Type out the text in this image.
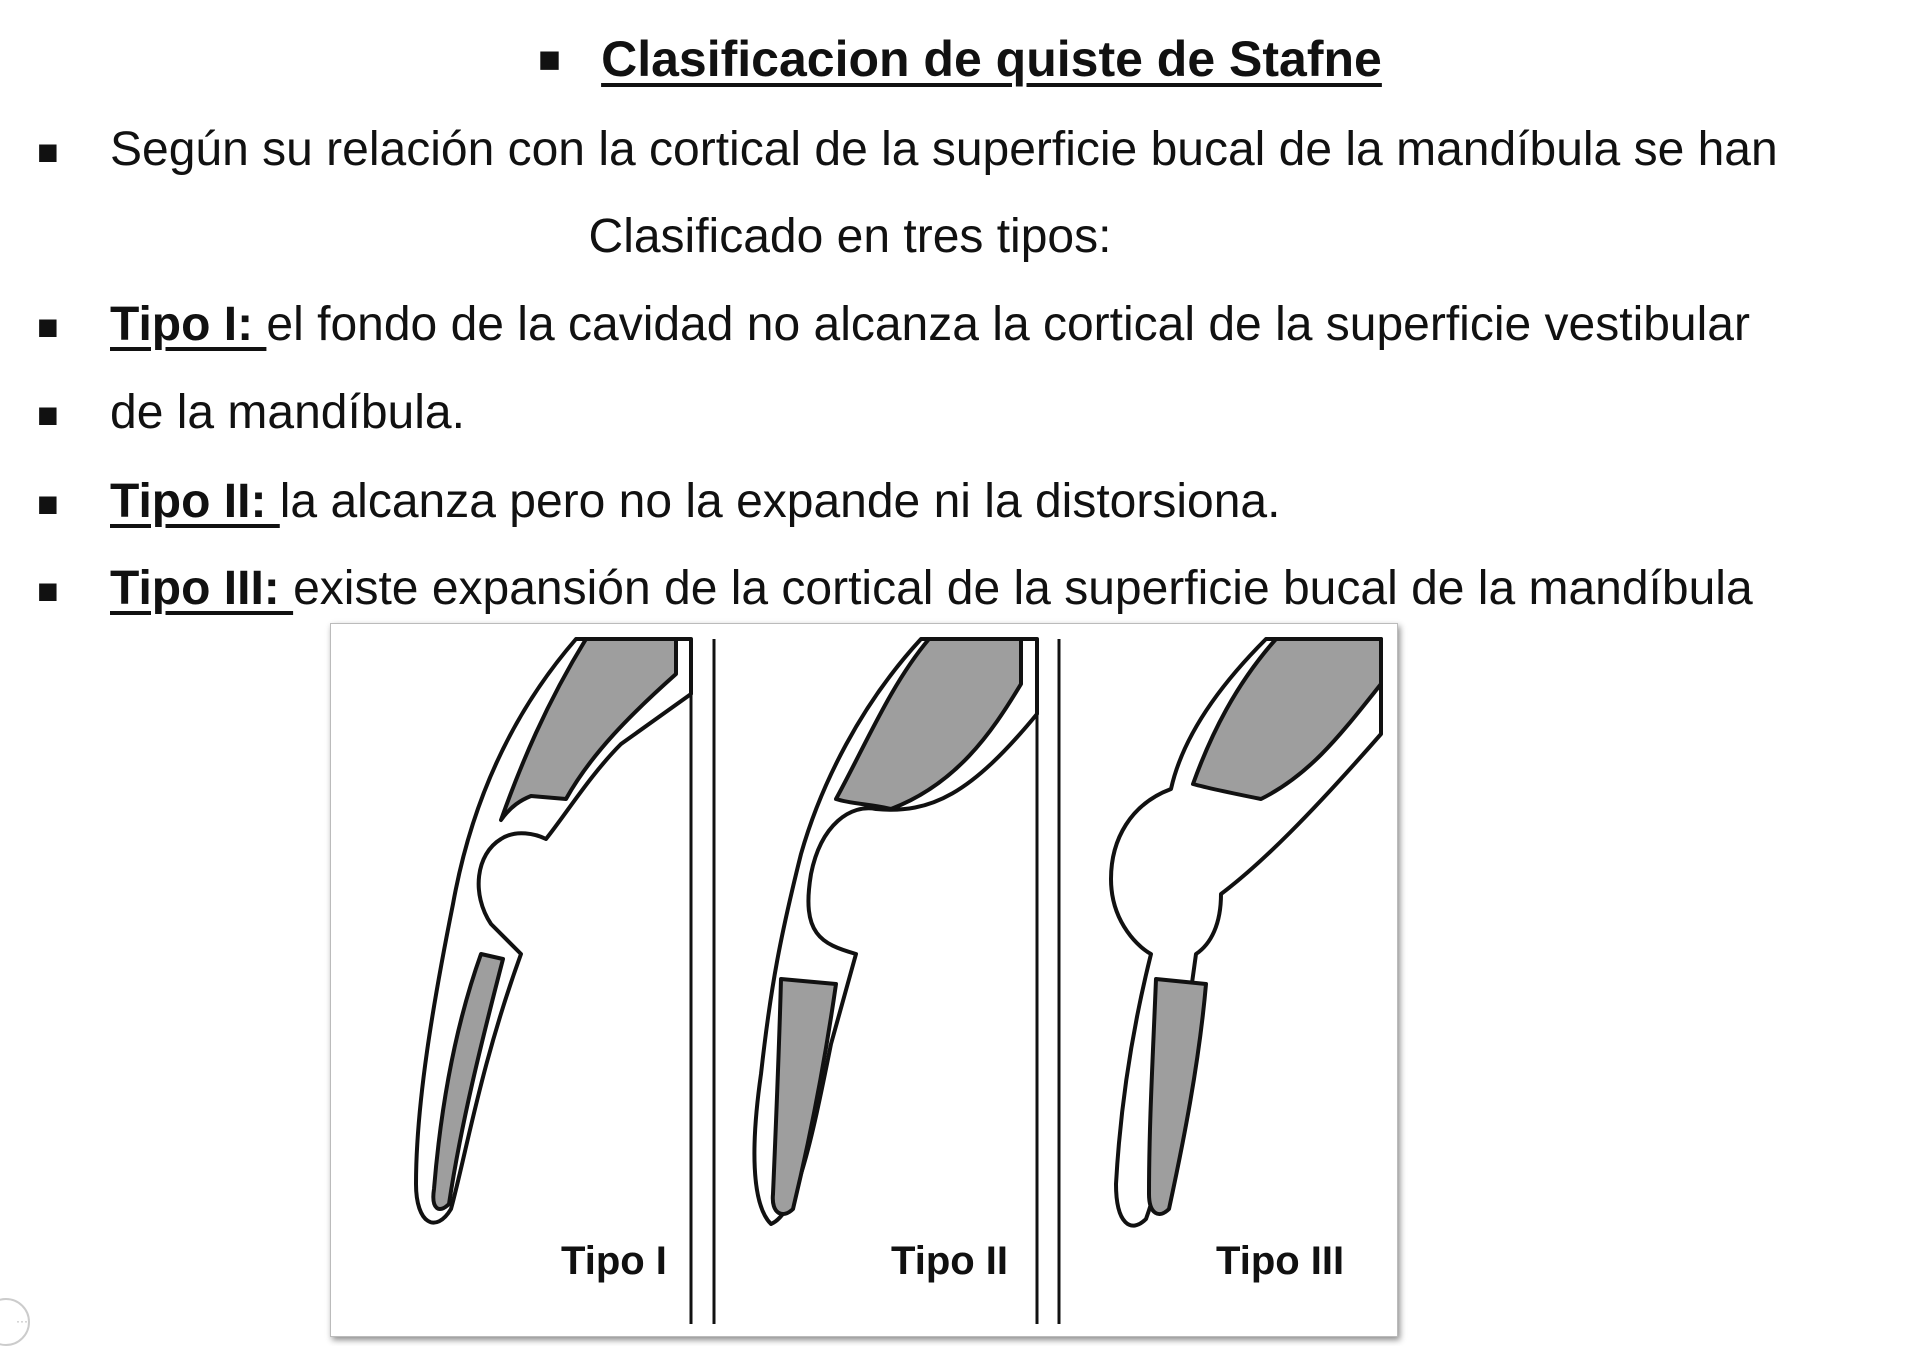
■ Clasificacion de quiste de Stafne
■ Según su relación con la cortical de la superficie bucal de la mandíbula se han
Clasificado en tres tipos:
■ Tipo I: el fondo de la cavidad no alcanza la cortical de la superficie vestibular
■ de la mandíbula.
■ Tipo II: la alcanza pero no la expande ni la distorsiona.
■ Tipo III: existe expansión de la cortical de la superficie bucal de la mandíbula
Tipo I	Tipo II	Tipo III
···
